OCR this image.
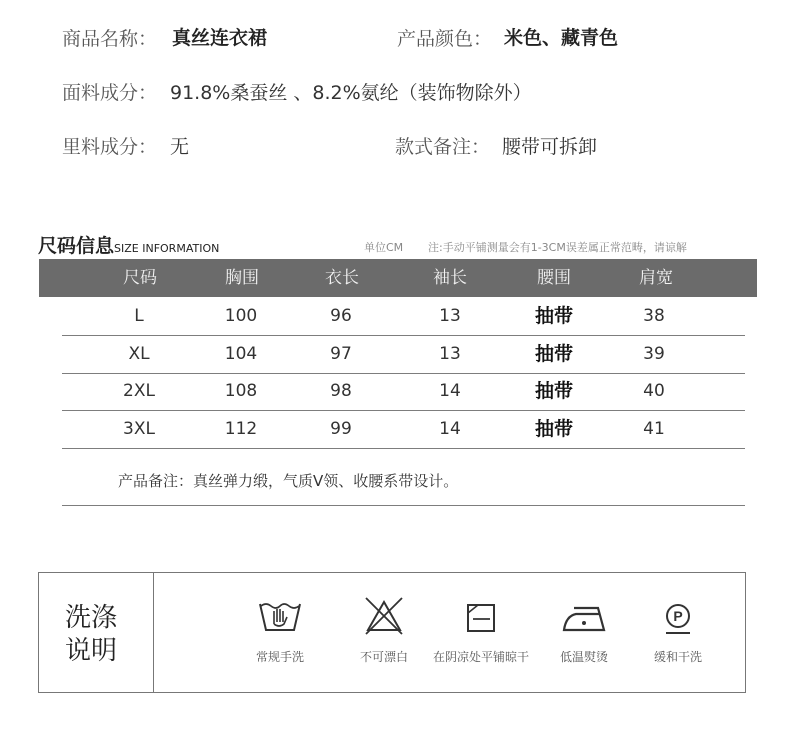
商品名称： 真丝连衣裙	产品颜色： 米色、藏青色
面料成分： 91.8%桑蚕丝 、8.2%氨纶（装饰物除外）
里料成分： 无	款式备注： 腰带可拆卸
尺码信息SIZE INFORMATION	单位CM 注:手动平铺测量会有1-3CM误差属正常范畴，请谅解
尺码	胸围	衣长	袖长	腰围	肩宽
L	100	96	13	抽带	38
XL	104	97	13	抽带	39
2XL	108	98	14	抽带	40
3XL	112	99	14	抽带	41
产品备注：真丝弹力缎，气质V领、收腰系带设计。
洗涤说明	常规手洗	不可漂白	在阴凉处平铺晾干	低温熨烫
P
缓和干洗
